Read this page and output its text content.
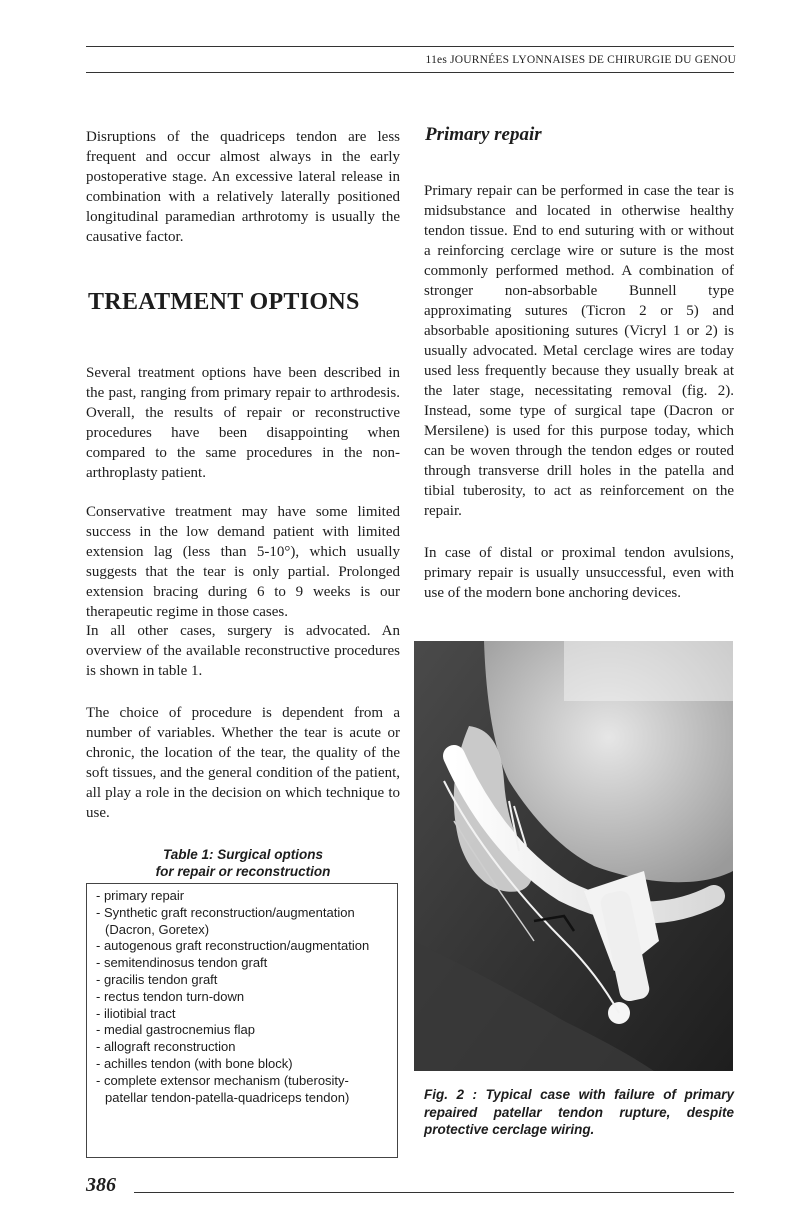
11es JOURNÉES LYONNAISES DE CHIRURGIE DU GENOU

Disruptions of the quadriceps tendon are less frequent and occur almost always in the early postoperative stage. An excessive lateral release in combination with a relatively laterally positioned longitudinal paramedian arthrotomy is usually the causative factor.

TREATMENT OPTIONS

Several treatment options have been described in the past, ranging from primary repair to arthrodesis. Overall, the results of repair or reconstructive procedures have been disappointing when compared to the same procedures in the non-arthroplasty patient.

Conservative treatment may have some limited success in the low demand patient with limited extension lag (less than 5-10°), which usually suggests that the tear is only partial. Prolonged extension bracing during 6 to 9 weeks is our therapeutic regime in those cases.

In all other cases, surgery is advocated. An overview of the available reconstructive procedures is shown in table 1.

The choice of procedure is dependent from a number of variables. Whether the tear is acute or chronic, the location of the tear, the quality of the soft tissues, and the general condition of the patient, all play a role in the decision on which technique to use.

Table 1: Surgical options
for repair or reconstruction
- primary repair
- Synthetic graft reconstruction/augmentation (Dacron, Goretex)
- autogenous graft reconstruction/augmentation
- semitendinosus tendon graft
- gracilis tendon graft
- rectus tendon turn-down
- iliotibial tract
- medial gastrocnemius flap
- allograft reconstruction
- achilles tendon (with bone block)
- complete extensor mechanism (tuberosity-patellar tendon-patella-quadriceps tendon)
Primary repair

Primary repair can be performed in case the tear is midsubstance and located in otherwise healthy tendon tissue. End to end suturing with or without a reinforcing cerclage wire or suture is the most commonly performed method. A combination of stronger non-absorbable Bunnell type approximating sutures (Ticron 2 or 5) and absorbable apositioning sutures (Vicryl 1 or 2) is usually advocated. Metal cerclage wires are today used less frequently because they usually break at the later stage, necessitating removal (fig. 2). Instead, some type of surgical tape (Dacron or Mersilene) is used for this purpose today, which can be woven through the tendon edges or routed through transverse drill holes in the patella and tibial tuberosity, to act as reinforcement on the repair.

In case of distal or proximal tendon avulsions, primary repair is usually unsuccessful, even with use of the modern bone anchoring devices.

Fig. 2 : Typical case with failure of primary repaired patellar tendon rupture, despite protective cerclage wiring.
386
